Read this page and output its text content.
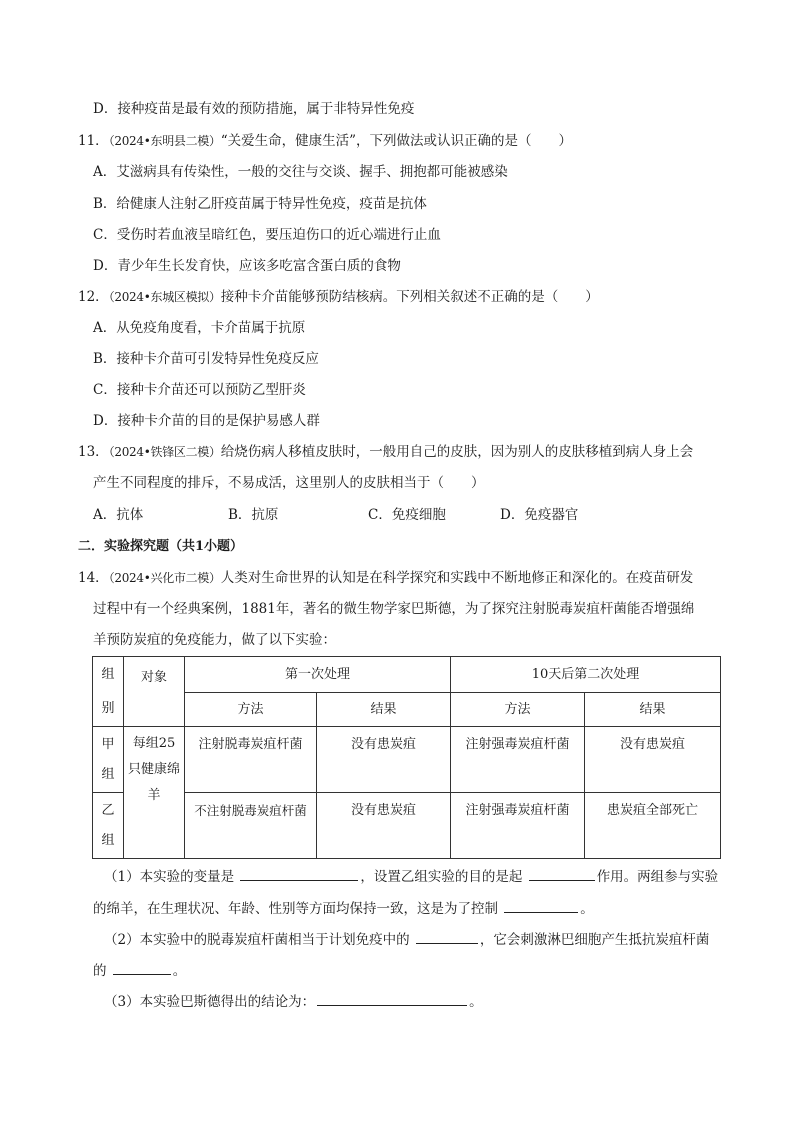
D．接种疫苗是最有效的预防措施，属于非特异性免疫
11．（2024•东明县二模）“关爱生命，健康生活”，下列做法或认识正确的是（　　）
A．艾滋病具有传染性，一般的交往与交谈、握手、拥抱都可能被感染
B．给健康人注射乙肝疫苗属于特异性免疫，疫苗是抗体
C．受伤时若血液呈暗红色，要压迫伤口的近心端进行止血
D．青少年生长发育快，应该多吃富含蛋白质的食物
12．（2024•东城区模拟）接种卡介苗能够预防结核病。下列相关叙述不正确的是（　　）
A．从免疫角度看，卡介苗属于抗原
B．接种卡介苗可引发特异性免疫反应
C．接种卡介苗还可以预防乙型肝炎
D．接种卡介苗的目的是保护易感人群
13．（2024•铁锋区二模）给烧伤病人移植皮肤时，一般用自己的皮肤，因为别人的皮肤移植到病人身上会
产生不同程度的排斥，不易成活，这里别人的皮肤相当于（　　）
A．抗体	B．抗原	C．免疫细胞	D．免疫器官
二．实验探究题（共1小题）
14．（2024•兴化市二模）人类对生命世界的认知是在科学探究和实践中不断地修正和深化的。在疫苗研发
过程中有一个经典案例，1881年，著名的微生物学家巴斯德，为了探究注射脱毒炭疽杆菌能否增强绵
羊预防炭疽的免疫能力，做了以下实验：
组别	对象	第一次处理		10天后第二次处理	
		方法	结果	方法	结果
甲组	每组25只健康绵羊	注射脱毒炭疽杆菌	没有患炭疽	注射强毒炭疽杆菌	没有患炭疽
乙组		不注射脱毒炭疽杆菌	没有患炭疽	注射强毒炭疽杆菌	患炭疽全部死亡
（1）本实验的变量是	，设置乙组实验的目的是起	作用。两组参与实验
的绵羊，在生理状况、年龄、性别等方面均保持一致，这是为了控制	。
（2）本实验中的脱毒炭疽杆菌相当于计划免疫中的	，它会刺激淋巴细胞产生抵抗炭疽杆菌
的	。
（3）本实验巴斯德得出的结论为：	。
